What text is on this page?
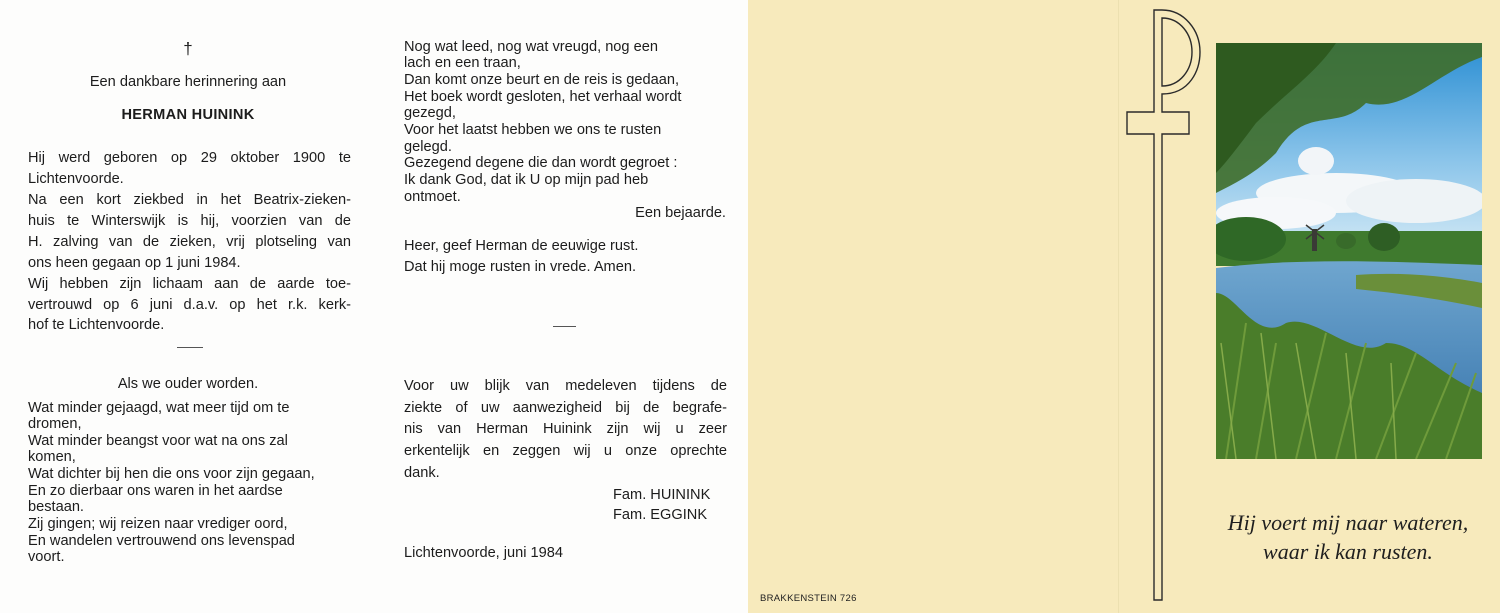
†

Een dankbare herinnering aan

HERMAN HUININK

Hij werd geboren op 29 oktober 1900 te

Lichtenvoorde.

Na een kort ziekbed in het Beatrix-zieken-

huis te Winterswijk is hij, voorzien van de

H. zalving van de zieken, vrij plotseling van

ons heen gegaan op 1 juni 1984.

Wij hebben zijn lichaam aan de aarde toe-

vertrouwd op 6 juni d.a.v. op het r.k. kerk-

hof te Lichtenvoorde.

Als we ouder worden.

Wat minder gejaagd, wat meer tijd om te

dromen,

Wat minder beangst voor wat na ons zal

komen,

Wat dichter bij hen die ons voor zijn gegaan,

En zo dierbaar ons waren in het aardse

bestaan.

Zij gingen; wij reizen naar vrediger oord,

En wandelen vertrouwend ons levenspad

voort.

Nog wat leed, nog wat vreugd, nog een

lach en een traan,

Dan komt onze beurt en de reis is gedaan,

Het boek wordt gesloten, het verhaal wordt

gezegd,

Voor het laatst hebben we ons te rusten

gelegd.

Gezegend degene die dan wordt gegroet :

Ik dank God, dat ik U op mijn pad heb

ontmoet.

Een bejaarde.

Heer, geef Herman de eeuwige rust.

Dat hij moge rusten in vrede. Amen.

Voor uw blijk van medeleven tijdens de

ziekte of uw aanwezigheid bij de begrafe-

nis van Herman Huinink zijn wij u zeer

erkentelijk en zeggen wij u onze oprechte

dank.

Fam. HUININK
Fam. EGGINK

Lichtenvoorde, juni 1984

BRAKKENSTEIN 726
Hij voert mij naar wateren,
waar ik kan rusten.
